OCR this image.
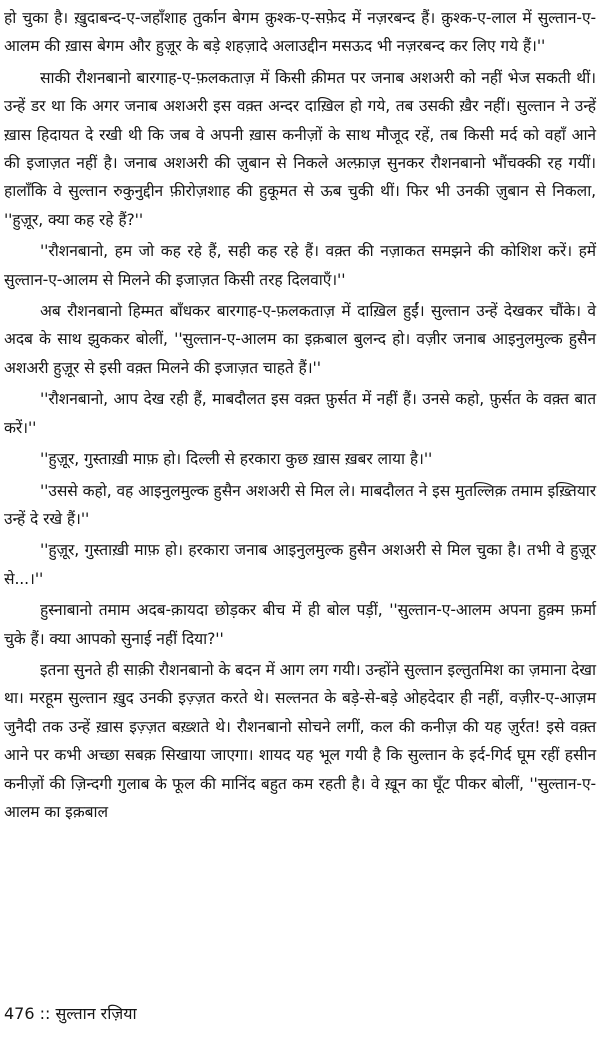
हो चुका है। ख़ुदाबन्द-ए-जहाँशाह तुर्कान बेगम क़ुश्क-ए-सफ़ेद में नज़रबन्द हैं। क़ुश्क-ए-लाल में सुल्तान-ए-आलम की ख़ास बेगम और हुज़ूर के बड़े शहज़ादे अलाउद्दीन मसऊद भी नज़रबन्द कर लिए गये हैं।''

साकी रौशनबानो बारगाह-ए-फ़लकताज़ में किसी क़ीमत पर जनाब अशअरी को नहीं भेज सकती थीं। उन्हें डर था कि अगर जनाब अशअरी इस वक़्त अन्दर दाख़िल हो गये, तब उसकी ख़ैर नहीं। सुल्तान ने उन्हें ख़ास हिदायत दे रखी थी कि जब वे अपनी ख़ास कनीज़ों के साथ मौजूद रहें, तब किसी मर्द को वहाँ आने की इजाज़त नहीं है। जनाब अशअरी की ज़ुबान से निकले अल्फ़ाज़ सुनकर रौशनबानो भौंचक्की रह गयीं। हालाँकि वे सुल्तान रुकुनुद्दीन फ़ीरोज़शाह की हुकूमत से ऊब चुकी थीं। फिर भी उनकी ज़ुबान से निकला, ''हुज़ूर, क्या कह रहे हैं?''

''रौशनबानो, हम जो कह रहे हैं, सही कह रहे हैं। वक़्त की नज़ाकत समझने की कोशिश करें। हमें सुल्तान-ए-आलम से मिलने की इजाज़त किसी तरह दिलवाएँ।''

अब रौशनबानो हिम्मत बाँधकर बारगाह-ए-फ़लकताज़ में दाख़िल हुईं। सुल्तान उन्हें देखकर चौंके। वे अदब के साथ झुककर बोलीं, ''सुल्तान-ए-आलम का इक़बाल बुलन्द हो। वज़ीर जनाब आइनुलमुल्क हुसैन अशअरी हुज़ूर से इसी वक़्त मिलने की इजाज़त चाहते हैं।''

''रौशनबानो, आप देख रही हैं, माबदौलत इस वक़्त फ़ुर्सत में नहीं हैं। उनसे कहो, फ़ुर्सत के वक़्त बात करें।''

''हुज़ूर, गुस्ताख़ी माफ़ हो। दिल्ली से हरकारा कुछ ख़ास ख़बर लाया है।''

''उससे कहो, वह आइनुलमुल्क हुसैन अशअरी से मिल ले। माबदौलत ने इस मुतल्लिक़ तमाम इख़्तियार उन्हें दे रखे हैं।''

''हुज़ूर, गुस्ताख़ी माफ़ हो। हरकारा जनाब आइनुलमुल्क हुसैन अशअरी से मिल चुका है। तभी वे हुज़ूर से...।''

हुस्नाबानो तमाम अदब-क़ायदा छोड़कर बीच में ही बोल पड़ीं, ''सुल्तान-ए-आलम अपना हुक़्म फ़र्मा चुके हैं। क्या आपको सुनाई नहीं दिया?''

इतना सुनते ही साक़ी रौशनबानो के बदन में आग लग गयी। उन्होंने सुल्तान इल्तुतमिश का ज़माना देखा था। मरहूम सुल्तान ख़ुद उनकी इज़्ज़त करते थे। सल्तनत के बड़े-से-बड़े ओहदेदार ही नहीं, वज़ीर-ए-आज़म जुनैदी तक उन्हें ख़ास इज़्ज़त बख़्शते थे। रौशनबानो सोचने लगीं, कल की कनीज़ की यह ज़ुर्रत! इसे वक़्त आने पर कभी अच्छा सबक़ सिखाया जाएगा। शायद यह भूल गयी है कि सुल्तान के इर्द-गिर्द घूम रहीं हसीन कनीज़ों की ज़िन्दगी गुलाब के फूल की मानिंद बहुत कम रहती है। वे ख़ून का घूँट पीकर बोलीं, ''सुल्तान-ए-आलम का इक़बाल

476 :: सुल्तान रज़िया
